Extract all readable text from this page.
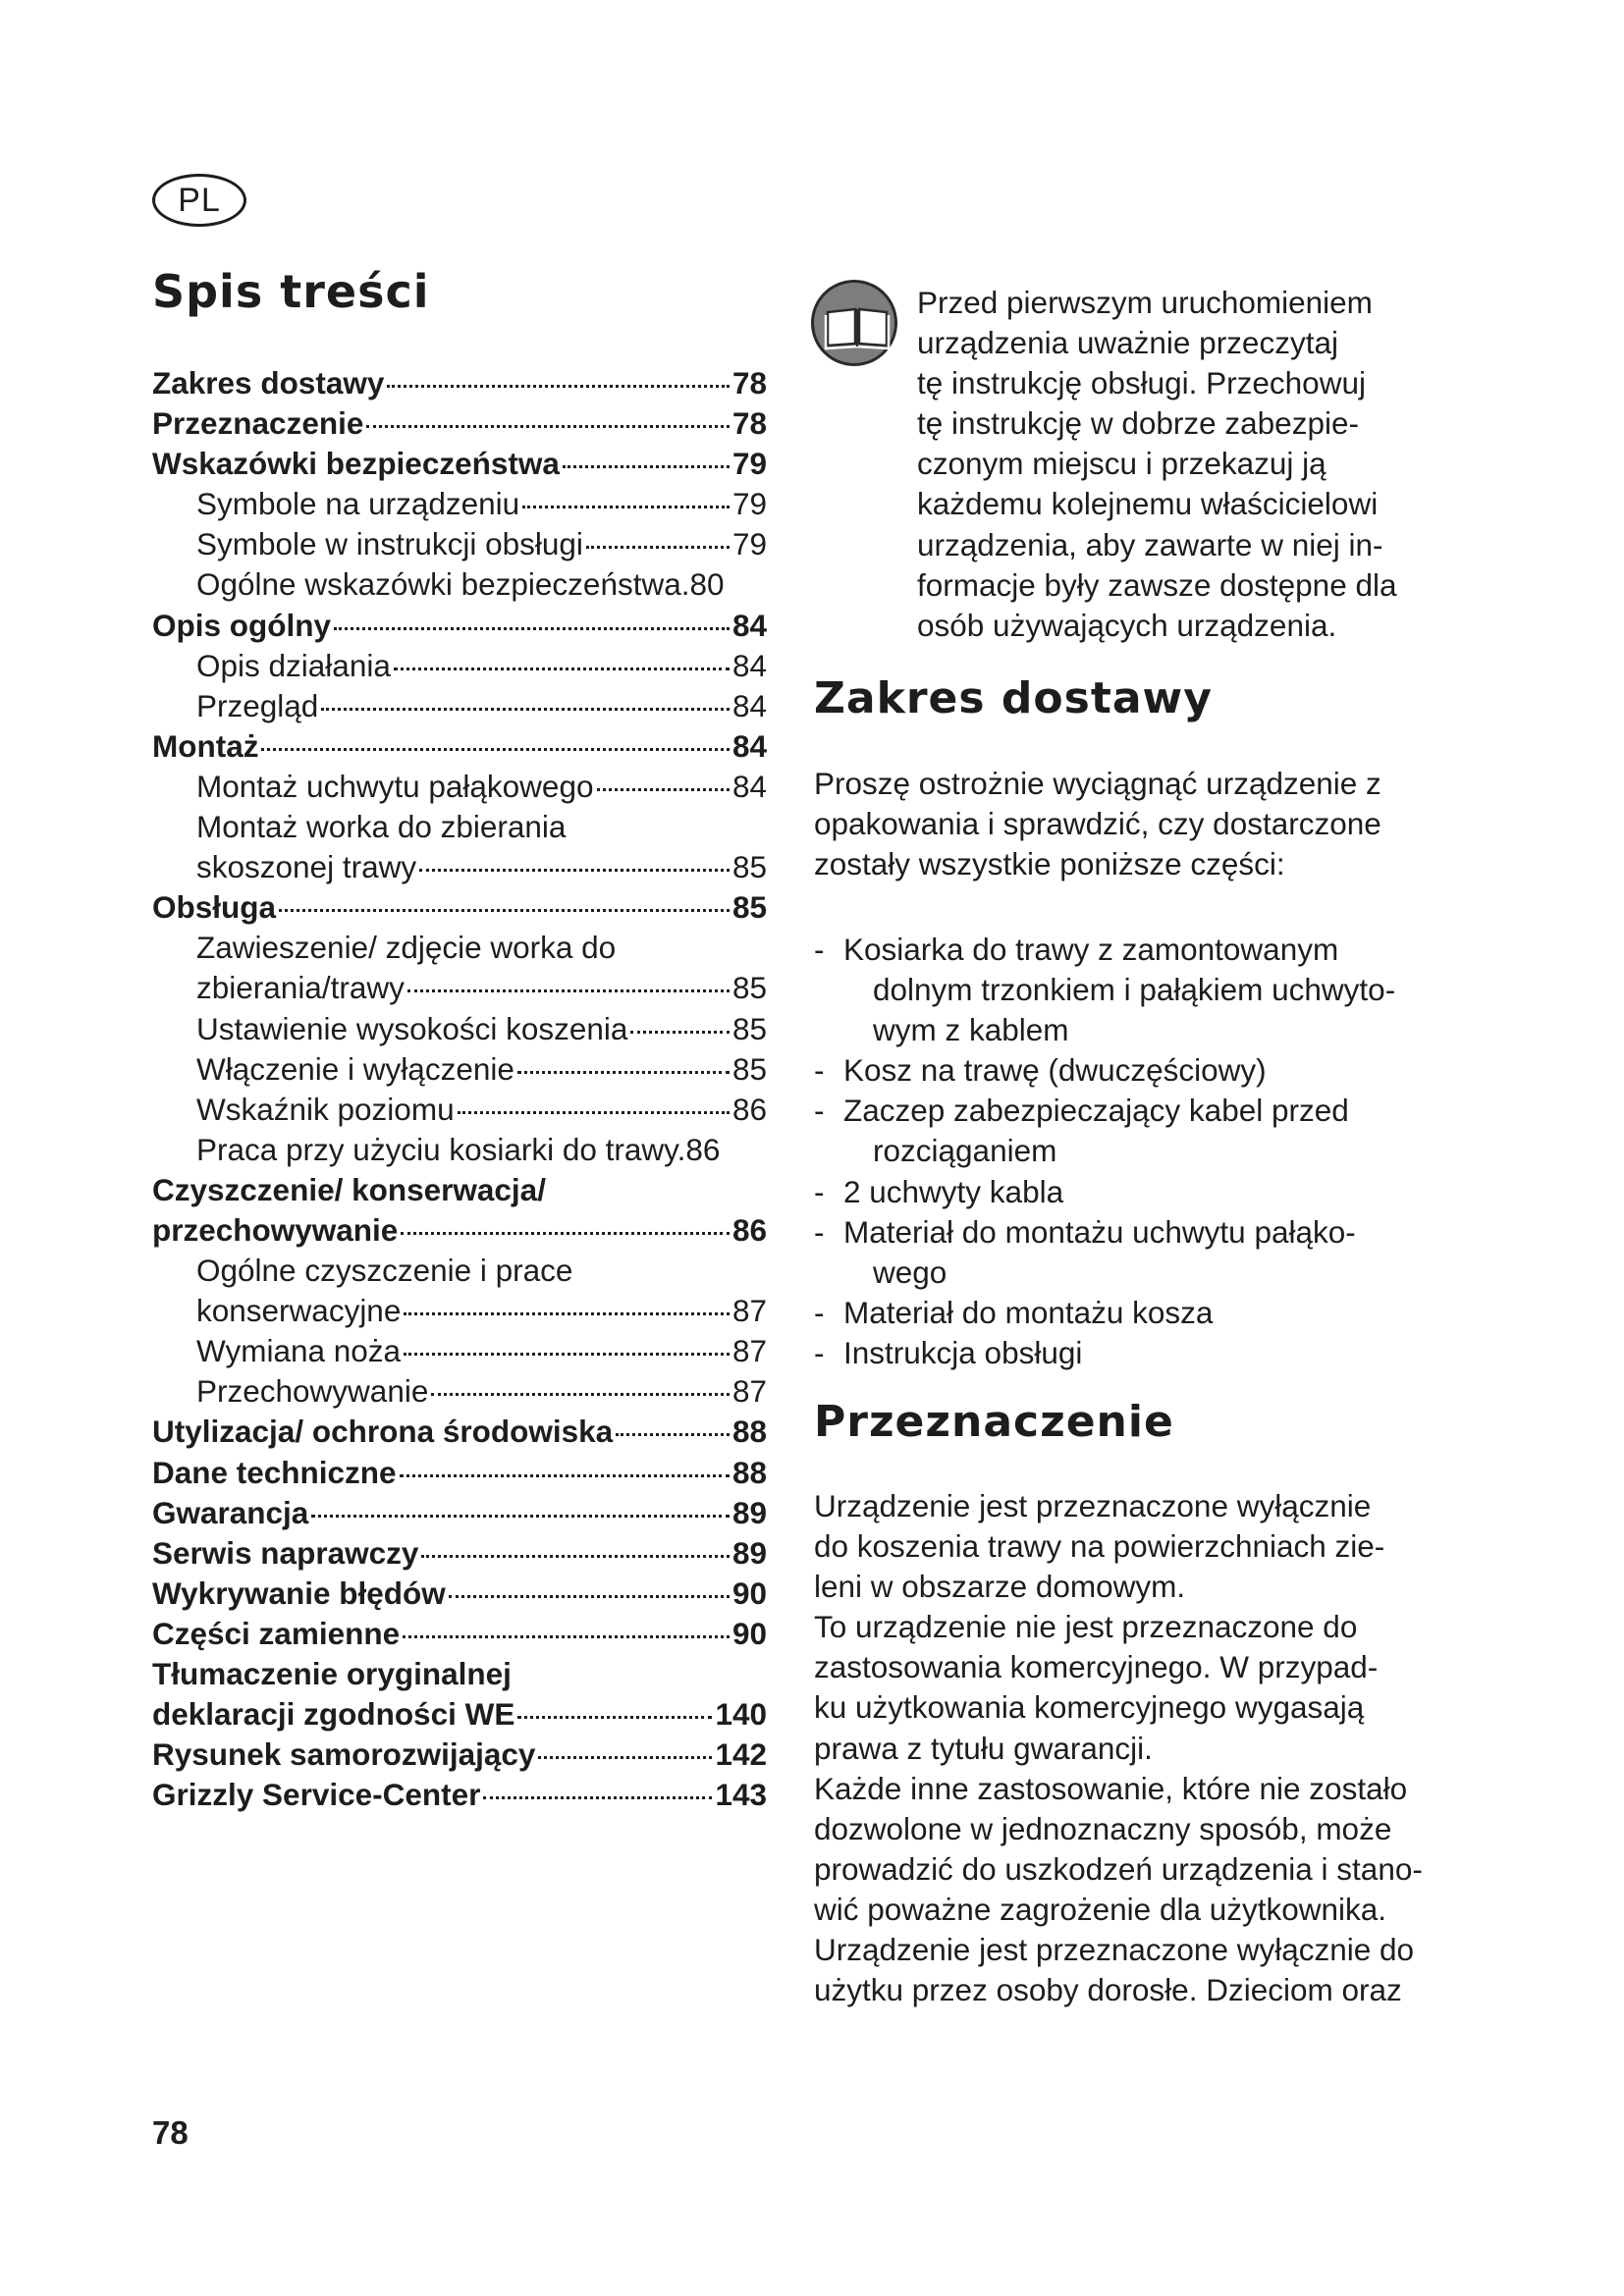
PL
Spis treści
Zakres dostawy	78
Przeznaczenie	78
Wskazówki bezpieczeństwa	79
Symbole na urządzeniu	79
Symbole w instrukcji obsługi	79
Ogólne wskazówki bezpieczeństwa.80
Opis ogólny	84
Opis działania	84
Przegląd	84
Montaż	84
Montaż uchwytu pałąkowego	84
Montaż worka do zbierania
skoszonej trawy	85
Obsługa	85
Zawieszenie/ zdjęcie worka do
zbierania/trawy	85
Ustawienie wysokości koszenia	85
Włączenie i wyłączenie	85
Wskaźnik poziomu	86
Praca przy użyciu kosiarki do trawy.86
Czyszczenie/ konserwacja/
przechowywanie	86
Ogólne czyszczenie i prace
konserwacyjne	87
Wymiana noża	87
Przechowywanie	87
Utylizacja/ ochrona środowiska	88
Dane techniczne	88
Gwarancja	89
Serwis naprawczy	89
Wykrywanie błędów	90
Części zamienne	90
Tłumaczenie oryginalnej
deklaracji zgodności WE	140
Rysunek samorozwijający	142
Grizzly Service-Center	143
Przed pierwszym uruchomieniem
urządzenia uważnie przeczytaj
tę instrukcję obsługi. Przechowuj
tę instrukcję w dobrze zabezpie-
czonym miejscu i przekazuj ją
każdemu kolejnemu właścicielowi
urządzenia, aby zawarte w niej in-
formacje były zawsze dostępne dla
osób używających urządzenia.
Zakres dostawy
Proszę ostrożnie wyciągnąć urządzenie z
opakowania i sprawdzić, czy dostarczone
zostały wszystkie poniższe części:
- Kosiarka do trawy z zamontowanym
dolnym trzonkiem i pałąkiem uchwyto-
wym z kablem
- Kosz na trawę (dwuczęściowy)
- Zaczep zabezpieczający kabel przed
rozciąganiem
- 2 uchwyty kabla
- Materiał do montażu uchwytu pałąko-
wego
- Materiał do montażu kosza
- Instrukcja obsługi
Przeznaczenie
Urządzenie jest przeznaczone wyłącznie
do koszenia trawy na powierzchniach zie-
leni w obszarze domowym.
To urządzenie nie jest przeznaczone do
zastosowania komercyjnego. W przypad-
ku użytkowania komercyjnego wygasają
prawa z tytułu gwarancji.
Każde inne zastosowanie, które nie zostało
dozwolone w jednoznaczny sposób, może
prowadzić do uszkodzeń urządzenia i stano-
wić poważne zagrożenie dla użytkownika.
Urządzenie jest przeznaczone wyłącznie do
użytku przez osoby dorosłe. Dzieciom oraz
78
